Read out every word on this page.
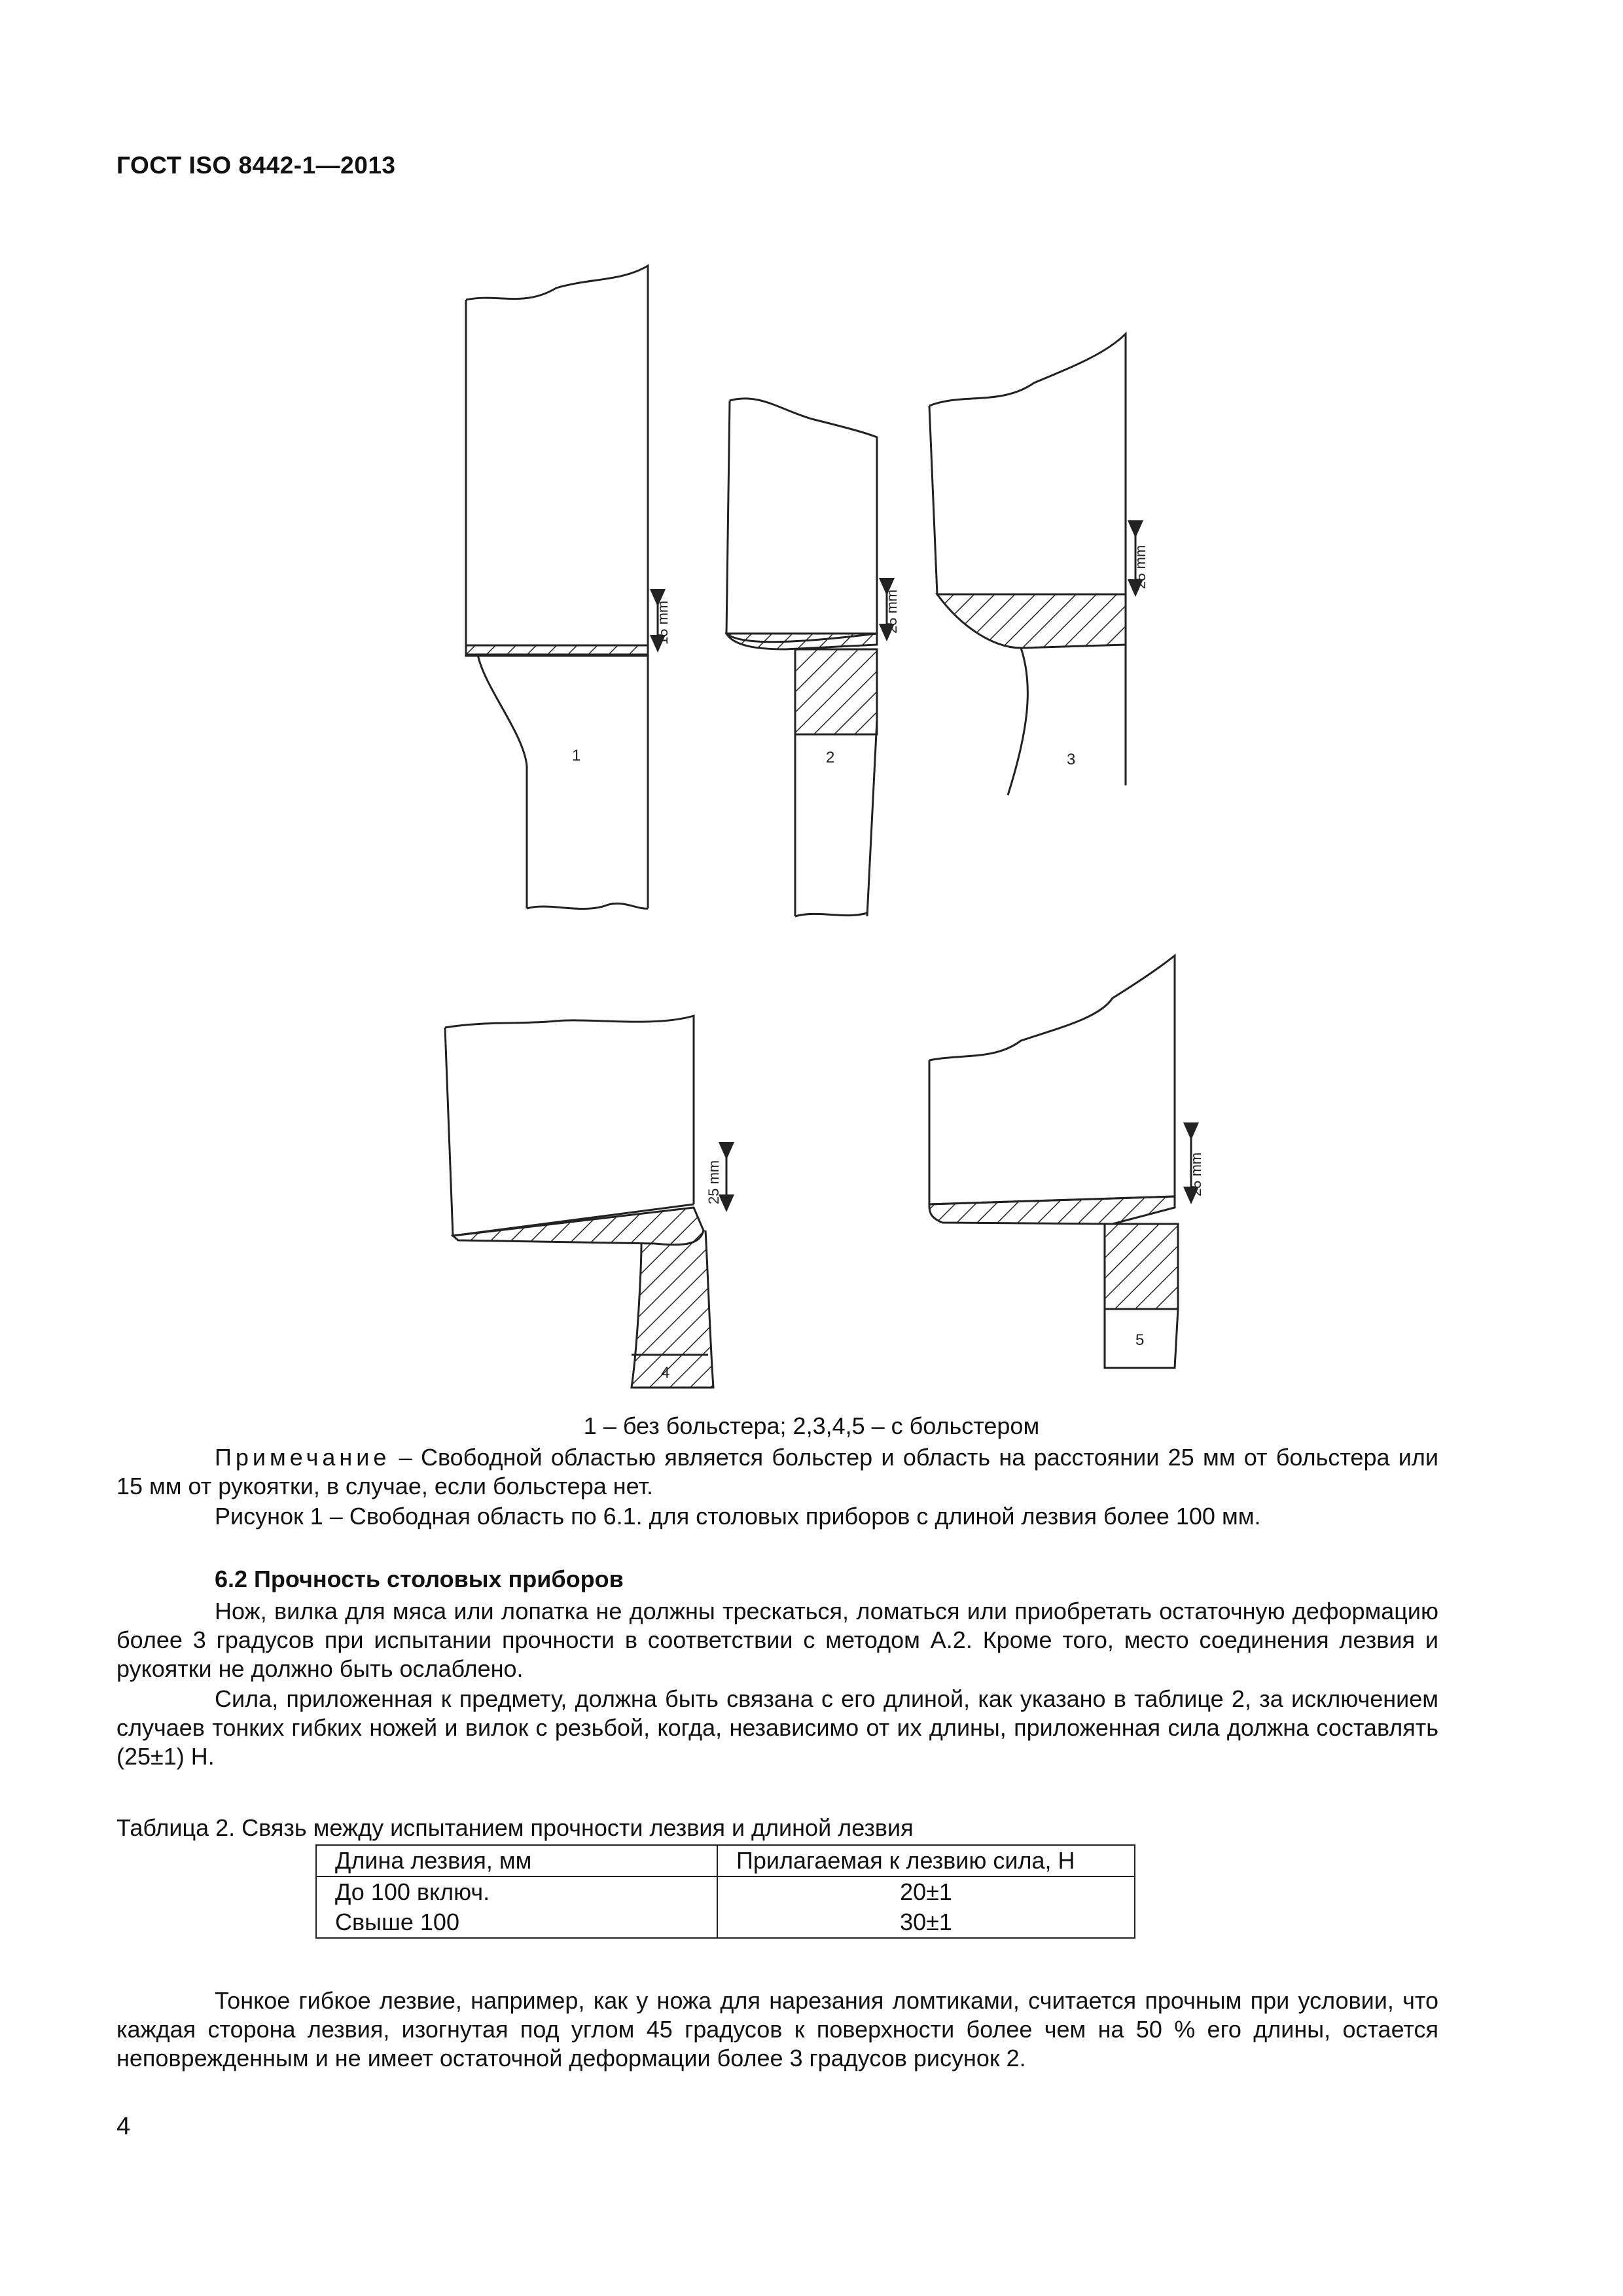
ГОСТ ISO 8442-1—2013
15 mm	25 mm
25 mm
25 mm	25 mm
1	2	3
4
5
1 – без больстера; 2,3,4,5 – с больстером
Примечание – Свободной областью является больстер и область на расстоянии 25 мм от больстера или 15 мм от рукоятки, в случае, если больстера нет.
Рисунок 1 – Свободная область по 6.1. для столовых приборов с длиной лезвия более 100 мм.
6.2 Прочность столовых приборов
Нож, вилка для мяса или лопатка не должны трескаться, ломаться или приобретать остаточную деформацию более 3 градусов при испытании прочности в соответствии с методом А.2. Кроме того, место соединения лезвия и рукоятки не должно быть ослаблено.
Сила, приложенная к предмету, должна быть связана с его длиной, как указано в таблице 2, за исключением случаев тонких гибких ножей и вилок с резьбой, когда, независимо от их длины, приложенная сила должна составлять (25±1) Н.
Таблица 2. Связь между испытанием прочности лезвия и длиной лезвия
Длина лезвия, мм	Прилагаемая к лезвию сила, Н

До 100 включ.	20±1

Свыше 100	30±1
Тонкое гибкое лезвие, например, как у ножа для нарезания ломтиками, считается прочным при условии, что каждая сторона лезвия, изогнутая под углом 45 градусов к поверхности более чем на 50 % его длины, остается неповрежденным и не имеет остаточной деформации более 3 градусов рисунок 2.
4
